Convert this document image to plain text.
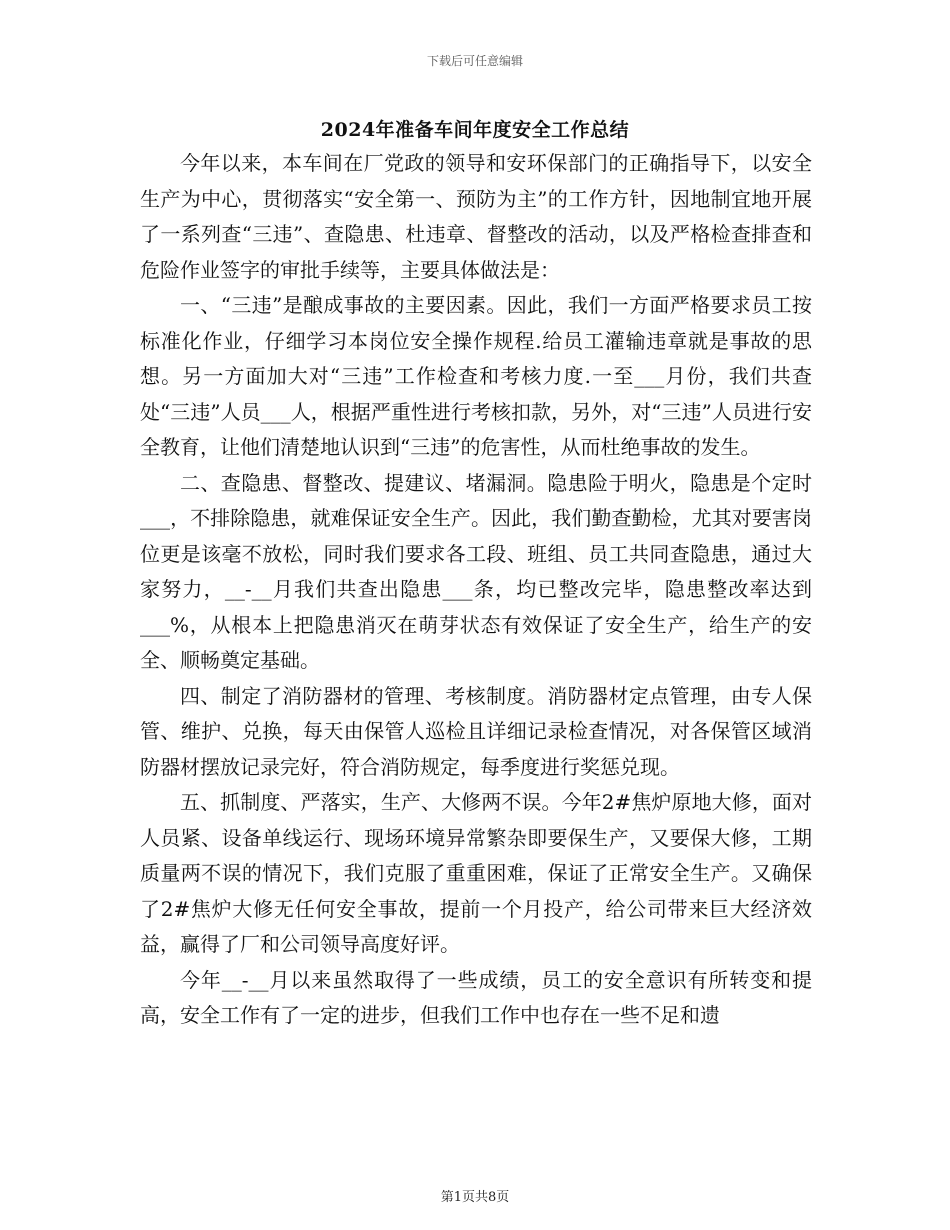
下载后可任意编辑
2024年准备车间年度安全工作总结

今年以来，本车间在厂党政的领导和安环保部门的正确指导下，以安全生产为中心，贯彻落实“安全第一、预防为主”的工作方针，因地制宜地开展了一系列查“三违”、查隐患、杜违章、督整改的活动，以及严格检查排查和危险作业签字的审批手续等，主要具体做法是：

一、“三违”是酿成事故的主要因素。因此，我们一方面严格要求员工按标准化作业，仔细学习本岗位安全操作规程.给员工灌输违章就是事故的思想。另一方面加大对“三违”工作检查和考核力度.一至___月份，我们共查处“三违”人员___人，根据严重性进行考核扣款，另外，对“三违”人员进行安全教育，让他们清楚地认识到“三违”的危害性，从而杜绝事故的发生。

二、查隐患、督整改、提建议、堵漏洞。隐患险于明火，隐患是个定时___，不排除隐患，就难保证安全生产。因此，我们勤查勤检，尤其对要害岗位更是该毫不放松，同时我们要求各工段、班组、员工共同查隐患，通过大家努力，__-__月我们共查出隐患___条，均已整改完毕，隐患整改率达到___%，从根本上把隐患消灭在萌芽状态有效保证了安全生产，给生产的安全、顺畅奠定基础。

四、制定了消防器材的管理、考核制度。消防器材定点管理，由专人保管、维护、兑换，每天由保管人巡检且详细记录检查情况，对各保管区域消防器材摆放记录完好，符合消防规定，每季度进行奖惩兑现。

五、抓制度、严落实，生产、大修两不误。今年2#焦炉原地大修，面对人员紧、设备单线运行、现场环境异常繁杂即要保生产，又要保大修，工期质量两不误的情况下，我们克服了重重困难，保证了正常安全生产。又确保了2#焦炉大修无任何安全事故，提前一个月投产，给公司带来巨大经济效益，赢得了厂和公司领导高度好评。

今年__-__月以来虽然取得了一些成绩，员工的安全意识有所转变和提高，安全工作有了一定的进步，但我们工作中也存在一些不足和遗

第1页共8页
